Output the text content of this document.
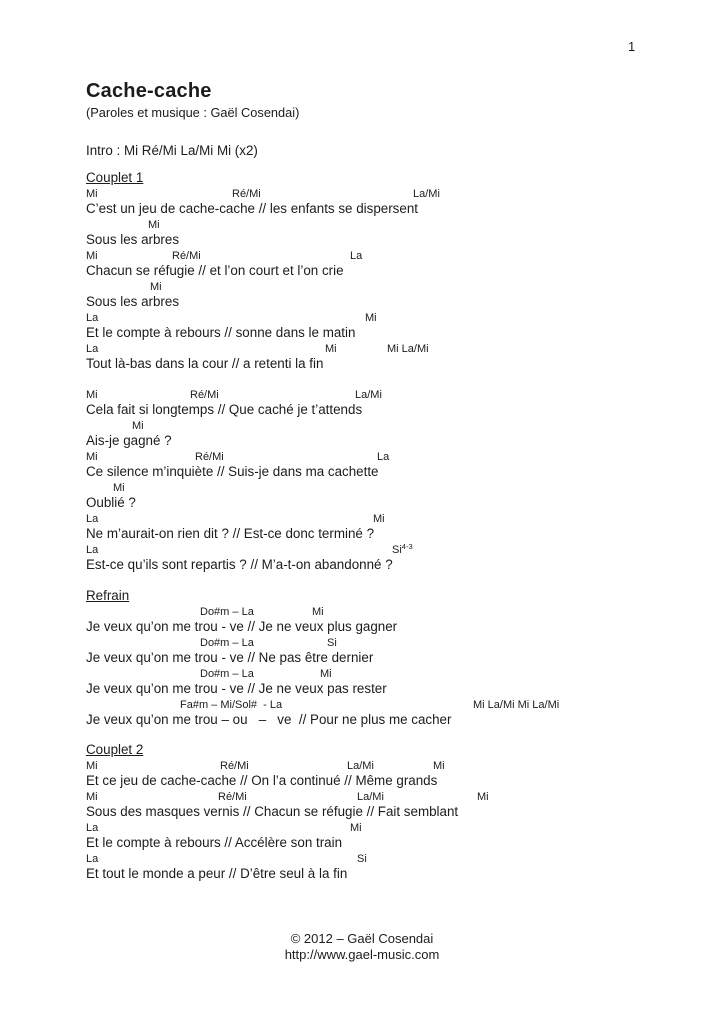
1
Cache-cache
(Paroles et musique : Gaël Cosendai)
Intro : Mi Ré/Mi La/Mi Mi (x2)
Couplet 1
Mi	Ré/Mi	La/Mi
C’est un jeu de cache-cache // les enfants se dispersent
Mi
Sous les arbres
Mi	Ré/Mi	La
Chacun se réfugie // et l’on court et l’on crie
Mi
Sous les arbres
La	Mi
Et le compte à rebours // sonne dans le matin
La	Mi	Mi La/Mi
Tout là-bas dans la cour // a retenti la fin
Mi	Ré/Mi	La/Mi
Cela fait si longtemps // Que caché je t’attends
Mi
Ais-je gagné ?
Mi	Ré/Mi	La
Ce silence m’inquiète // Suis-je dans ma cachette
Mi
Oublié ?
La	Mi
Ne m’aurait-on rien dit ? // Est-ce donc terminé ?
La	Si$^{4-3}$
Est-ce qu’ils sont repartis ? // M’a-t-on abandonné ?
Refrain
Do#m – La	Mi
Je veux qu’on me trou - ve // Je ne veux plus gagner
Do#m – La	Si
Je veux qu’on me trou - ve // Ne pas être dernier
Do#m – La	Mi
Je veux qu’on me trou - ve // Je ne veux pas rester
Fa#m – Mi/Sol#  - La	Mi La/Mi Mi La/Mi
Je veux qu’on me trou – ou   –   ve  // Pour ne plus me cacher
Couplet 2
Mi	Ré/Mi	La/Mi	Mi
Et ce jeu de cache-cache // On l’a continué // Même grands
Mi	Ré/Mi	La/Mi	Mi
Sous des masques vernis // Chacun se réfugie // Fait semblant
La	Mi
Et le compte à rebours // Accélère son train
La	Si
Et tout le monde a peur // D’être seul à la fin
© 2012 – Gaël Cosendai
http://www.gael-music.com
